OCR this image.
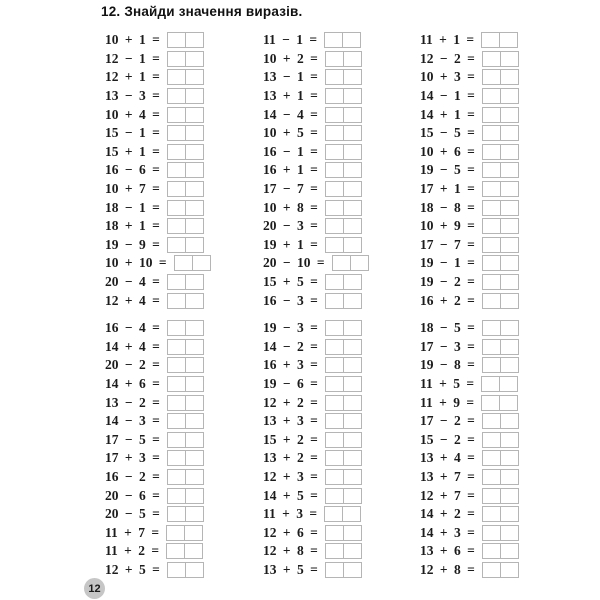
12. Знайди значення виразів.
10 + 1 =
12 − 1 =
12 + 1 =
13 − 3 =
10 + 4 =
15 − 1 =
15 + 1 =
16 − 6 =
10 + 7 =
18 − 1 =
18 + 1 =
19 − 9 =
10 + 10 =
20 − 4 =
12 + 4 =
11 − 1 =
10 + 2 =
13 − 1 =
13 + 1 =
14 − 4 =
10 + 5 =
16 − 1 =
16 + 1 =
17 − 7 =
10 + 8 =
20 − 3 =
19 + 1 =
20 − 10 =
15 + 5 =
16 − 3 =
11 + 1 =
12 − 2 =
10 + 3 =
14 − 1 =
14 + 1 =
15 − 5 =
10 + 6 =
19 − 5 =
17 + 1 =
18 − 8 =
10 + 9 =
17 − 7 =
19 − 1 =
19 − 2 =
16 + 2 =
16 − 4 =
14 + 4 =
20 − 2 =
14 + 6 =
13 − 2 =
14 − 3 =
17 − 5 =
17 + 3 =
16 − 2 =
20 − 6 =
20 − 5 =
11 + 7 =
11 + 2 =
12 + 5 =
19 − 3 =
14 − 2 =
16 + 3 =
19 − 6 =
12 + 2 =
13 + 3 =
15 + 2 =
13 + 2 =
12 + 3 =
14 + 5 =
11 + 3 =
12 + 6 =
12 + 8 =
13 + 5 =
18 − 5 =
17 − 3 =
19 − 8 =
11 + 5 =
11 + 9 =
17 − 2 =
15 − 2 =
13 + 4 =
13 + 7 =
12 + 7 =
14 + 2 =
14 + 3 =
13 + 6 =
12 + 8 =
12
